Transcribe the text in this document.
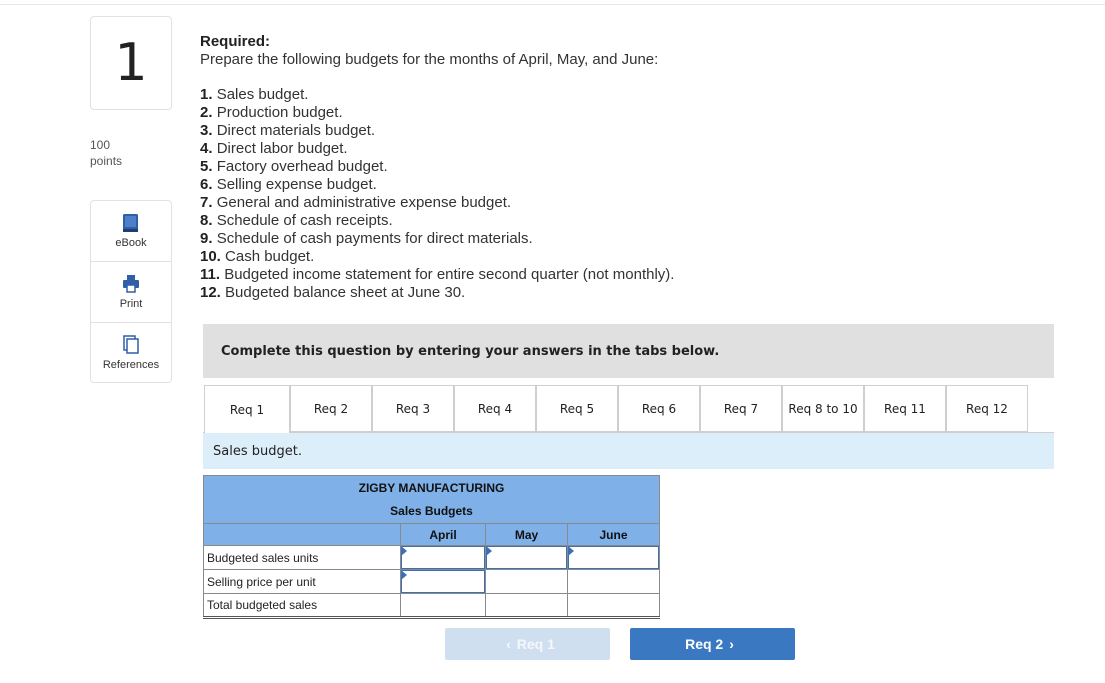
1
100
points
eBook
Print
References
Required:
Prepare the following budgets for the months of April, May, and June:
1. Sales budget.
2. Production budget.
3. Direct materials budget.
4. Direct labor budget.
5. Factory overhead budget.
6. Selling expense budget.
7. General and administrative expense budget.
8. Schedule of cash receipts.
9. Schedule of cash payments for direct materials.
10. Cash budget.
11. Budgeted income statement for entire second quarter (not monthly).
12. Budgeted balance sheet at June 30.
Complete this question by entering your answers in the tabs below.
Req 1	Req 2	Req 3	Req 4	Req 5	Req 6	Req 7	Req 8 to 10	Req 11	Req 12
Sales budget.
ZIGBY MANUFACTURING			
Sales Budgets			
	April	May	June
Budgeted sales units	

Selling price per unit	

Total budgeted sales			
‹ Req 1	Req 2 ›
